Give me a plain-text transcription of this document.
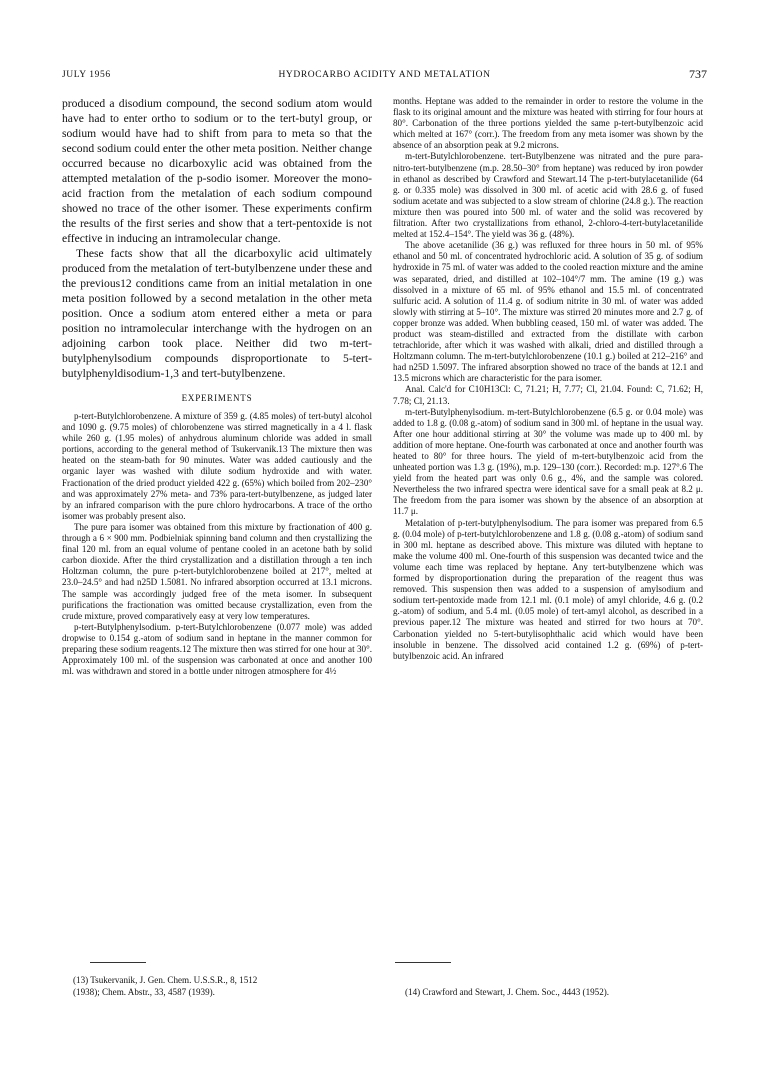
JULY 1956	HYDROCARBO ACIDITY AND METALATION	737

produced a disodium compound, the second sodium atom would have had to enter ortho to sodium or to the tert-butyl group, or sodium would have had to shift from para to meta so that the second sodium could enter the other meta position. Neither change occurred because no dicarboxylic acid was obtained from the attempted metalation of the p-sodio isomer. Moreover the mono-acid fraction from the metalation of each sodium compound showed no trace of the other isomer. These experiments confirm the results of the first series and show that a tert-pentoxide is not effective in inducing an intramolecular change.

These facts show that all the dicarboxylic acid ultimately produced from the metalation of tert-butylbenzene under these and the previous12 conditions came from an initial metalation in one meta position followed by a second metalation in the other meta position. Once a sodium atom entered either a meta or para position no intramolecular interchange with the hydrogen on an adjoining carbon took place. Neither did two m-tert-butylphenylsodium compounds disproportionate to 5-tert-butylphenyldisodium-1,3 and tert-butylbenzene.

EXPERIMENTS

p-tert-Butylchlorobenzene. A mixture of 359 g. (4.85 moles) of tert-butyl alcohol and 1090 g. (9.75 moles) of chlorobenzene was stirred magnetically in a 4 l. flask while 260 g. (1.95 moles) of anhydrous aluminum chloride was added in small portions, according to the general method of Tsukervanik.13 The mixture then was heated on the steam-bath for 90 minutes. Water was added cautiously and the organic layer was washed with dilute sodium hydroxide and with water. Fractionation of the dried product yielded 422 g. (65%) which boiled from 202–230° and was approximately 27% meta- and 73% para-tert-butylbenzene, as judged later by an infrared comparison with the pure chloro hydrocarbons. A trace of the ortho isomer was probably present also.

The pure para isomer was obtained from this mixture by fractionation of 400 g. through a 6 × 900 mm. Podbielniak spinning band column and then crystallizing the final 120 ml. from an equal volume of pentane cooled in an acetone bath by solid carbon dioxide. After the third crystallization and a distillation through a ten inch Holtzman column, the pure p-tert-butylchlorobenzene boiled at 217°, melted at 23.0–24.5° and had n25D 1.5081. No infrared absorption occurred at 13.1 microns. The sample was accordingly judged free of the meta isomer. In subsequent purifications the fractionation was omitted because crystallization, even from the crude mixture, proved comparatively easy at very low temperatures.

p-tert-Butylphenylsodium. p-tert-Butylchlorobenzene (0.077 mole) was added dropwise to 0.154 g.-atom of sodium sand in heptane in the manner common for preparing these sodium reagents.12 The mixture then was stirred for one hour at 30°. Approximately 100 ml. of the suspension was carbonated at once and another 100 ml. was withdrawn and stored in a bottle under nitrogen atmosphere for 4½

months. Heptane was added to the remainder in order to restore the volume in the flask to its original amount and the mixture was heated with stirring for four hours at 80°. Carbonation of the three portions yielded the same p-tert-butylbenzoic acid which melted at 167° (corr.). The freedom from any meta isomer was shown by the absence of an absorption peak at 9.2 microns.

m-tert-Butylchlorobenzene. tert-Butylbenzene was nitrated and the pure para-nitro-tert-butylbenzene (m.p. 28.50–30° from heptane) was reduced by iron powder in ethanol as described by Crawford and Stewart.14 The p-tert-butylacetanilide (64 g. or 0.335 mole) was dissolved in 300 ml. of acetic acid with 28.6 g. of fused sodium acetate and was subjected to a slow stream of chlorine (24.8 g.). The reaction mixture then was poured into 500 ml. of water and the solid was recovered by filtration. After two crystallizations from ethanol, 2-chloro-4-tert-butylacetanilide melted at 152.4–154°. The yield was 36 g. (48%).

The above acetanilide (36 g.) was refluxed for three hours in 50 ml. of 95% ethanol and 50 ml. of concentrated hydrochloric acid. A solution of 35 g. of sodium hydroxide in 75 ml. of water was added to the cooled reaction mixture and the amine was separated, dried, and distilled at 102–104°/7 mm. The amine (19 g.) was dissolved in a mixture of 65 ml. of 95% ethanol and 15.5 ml. of concentrated sulfuric acid. A solution of 11.4 g. of sodium nitrite in 30 ml. of water was added slowly with stirring at 5–10°. The mixture was stirred 20 minutes more and 2.7 g. of copper bronze was added. When bubbling ceased, 150 ml. of water was added. The product was steam-distilled and extracted from the distillate with carbon tetrachloride, after which it was washed with alkali, dried and distilled through a Holtzmann column. The m-tert-butylchlorobenzene (10.1 g.) boiled at 212–216° and had n25D 1.5097. The infrared absorption showed no trace of the bands at 12.1 and 13.5 microns which are characteristic for the para isomer.

Anal. Calc'd for C10H13Cl: C, 71.21; H, 7.77; Cl, 21.04. Found: C, 71.62; H, 7.78; Cl, 21.13.

m-tert-Butylphenylsodium. m-tert-Butylchlorobenzene (6.5 g. or 0.04 mole) was added to 1.8 g. (0.08 g.-atom) of sodium sand in 300 ml. of heptane in the usual way. After one hour additional stirring at 30° the volume was made up to 400 ml. by addition of more heptane. One-fourth was carbonated at once and another fourth was heated to 80° for three hours. The yield of m-tert-butylbenzoic acid from the unheated portion was 1.3 g. (19%), m.p. 129–130 (corr.). Recorded: m.p. 127°.6 The yield from the heated part was only 0.6 g., 4%, and the sample was colored. Nevertheless the two infrared spectra were identical save for a small peak at 8.2 μ. The freedom from the para isomer was shown by the absence of an absorption at 11.7 μ.

Metalation of p-tert-butylphenylsodium. The para isomer was prepared from 6.5 g. (0.04 mole) of p-tert-butylchlorobenzene and 1.8 g. (0.08 g.-atom) of sodium sand in 300 ml. heptane as described above. This mixture was diluted with heptane to make the volume 400 ml. One-fourth of this suspension was decanted twice and the volume each time was replaced by heptane. Any tert-butylbenzene which was formed by disproportionation during the preparation of the reagent thus was removed. This suspension then was added to a suspension of amylsodium and sodium tert-pentoxide made from 12.1 ml. (0.1 mole) of amyl chloride, 4.6 g. (0.2 g.-atom) of sodium, and 5.4 ml. (0.05 mole) of tert-amyl alcohol, as described in a previous paper.12 The mixture was heated and stirred for two hours at 70°. Carbonation yielded no 5-tert-butylisophthalic acid which would have been insoluble in benzene. The dissolved acid contained 1.2 g. (69%) of p-tert-butylbenzoic acid. An infrared

(13) Tsukervanik, J. Gen. Chem. U.S.S.R., 8, 1512
(1938); Chem. Abstr., 33, 4587 (1939).	(14) Crawford and Stewart, J. Chem. Soc., 4443 (1952).
